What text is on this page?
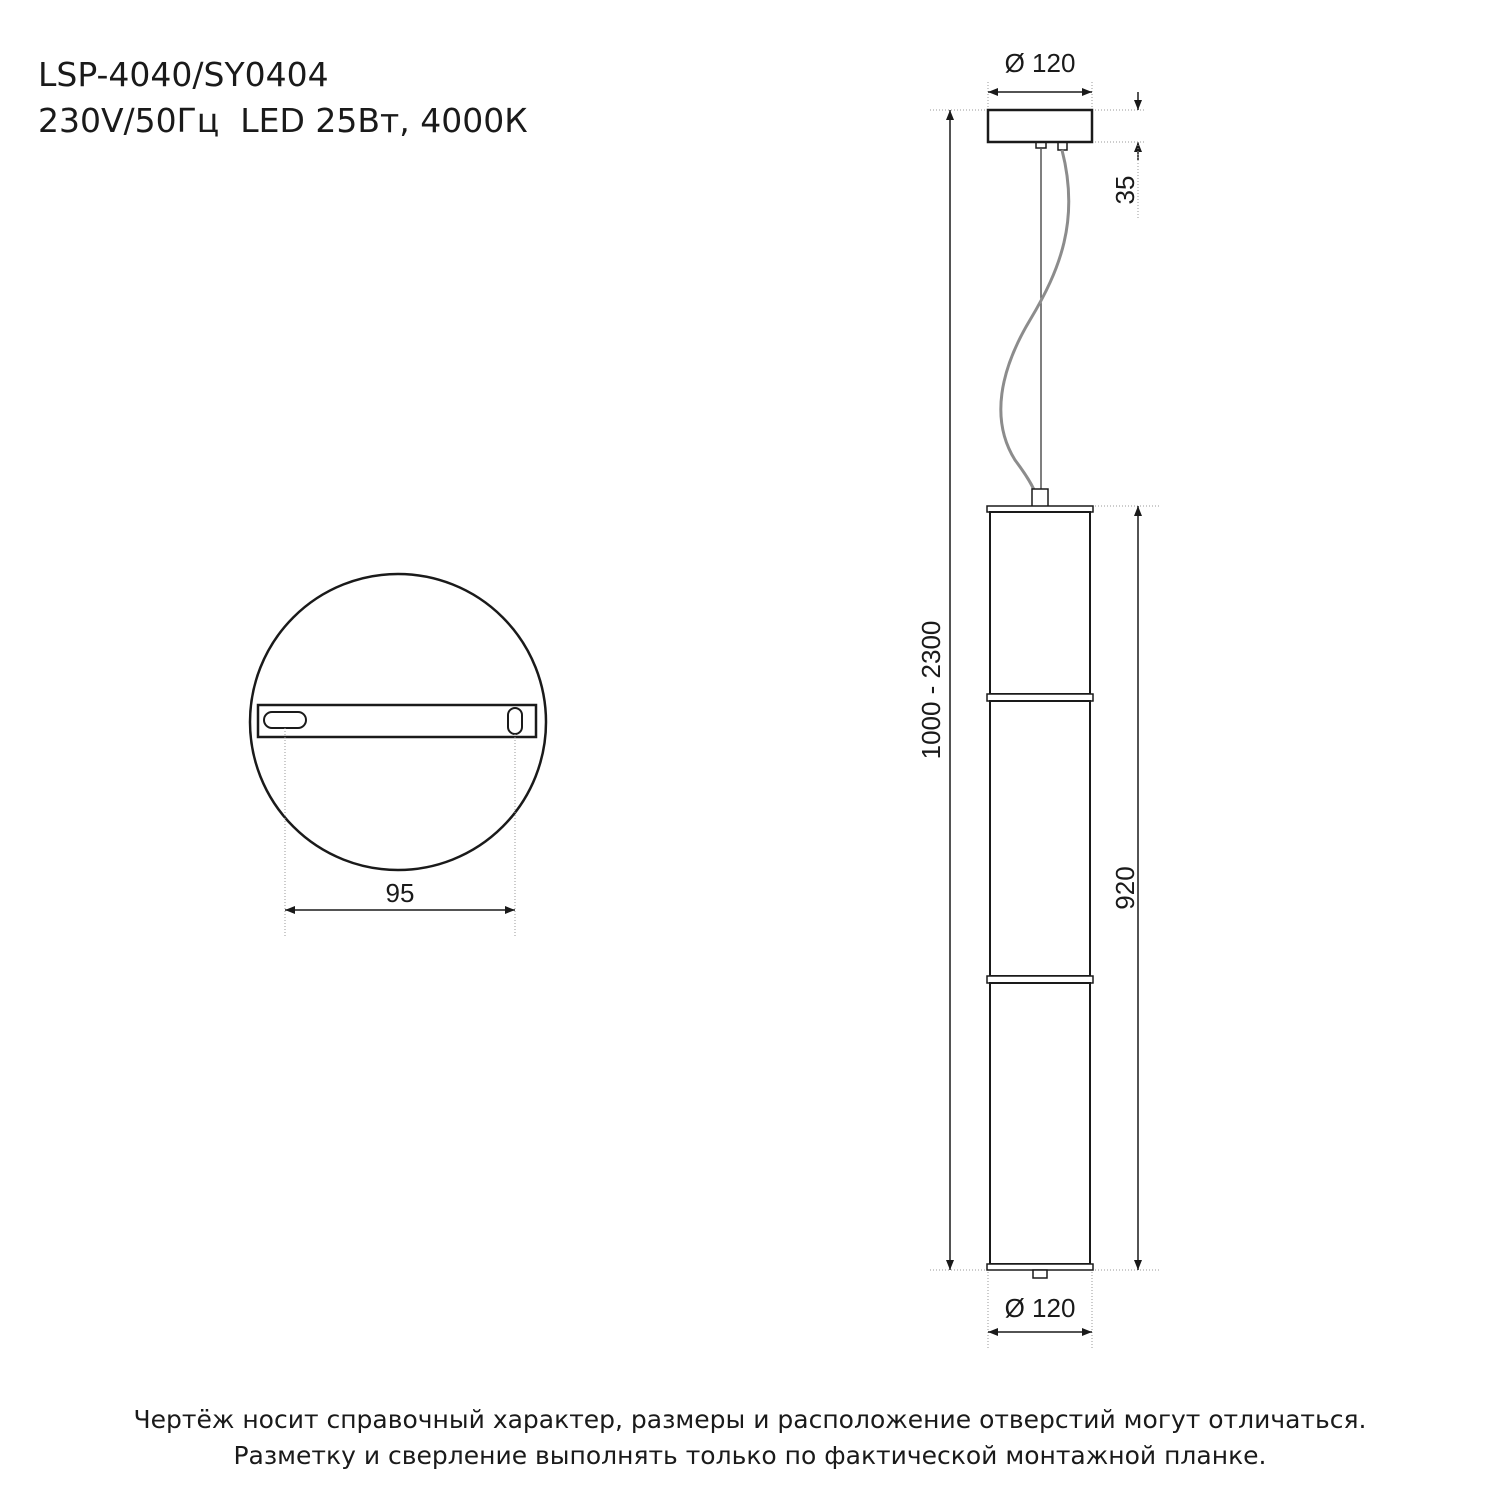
LSP-4040/SY0404
230V/50Гц  LED 25Вт, 4000К
95
Ø 120
35
1000 - 2300
920
Ø 120
Чертёж носит справочный характер, размеры и расположение отверстий могут отличаться.
Разметку и сверление выполнять только по фактической монтажной планке.
